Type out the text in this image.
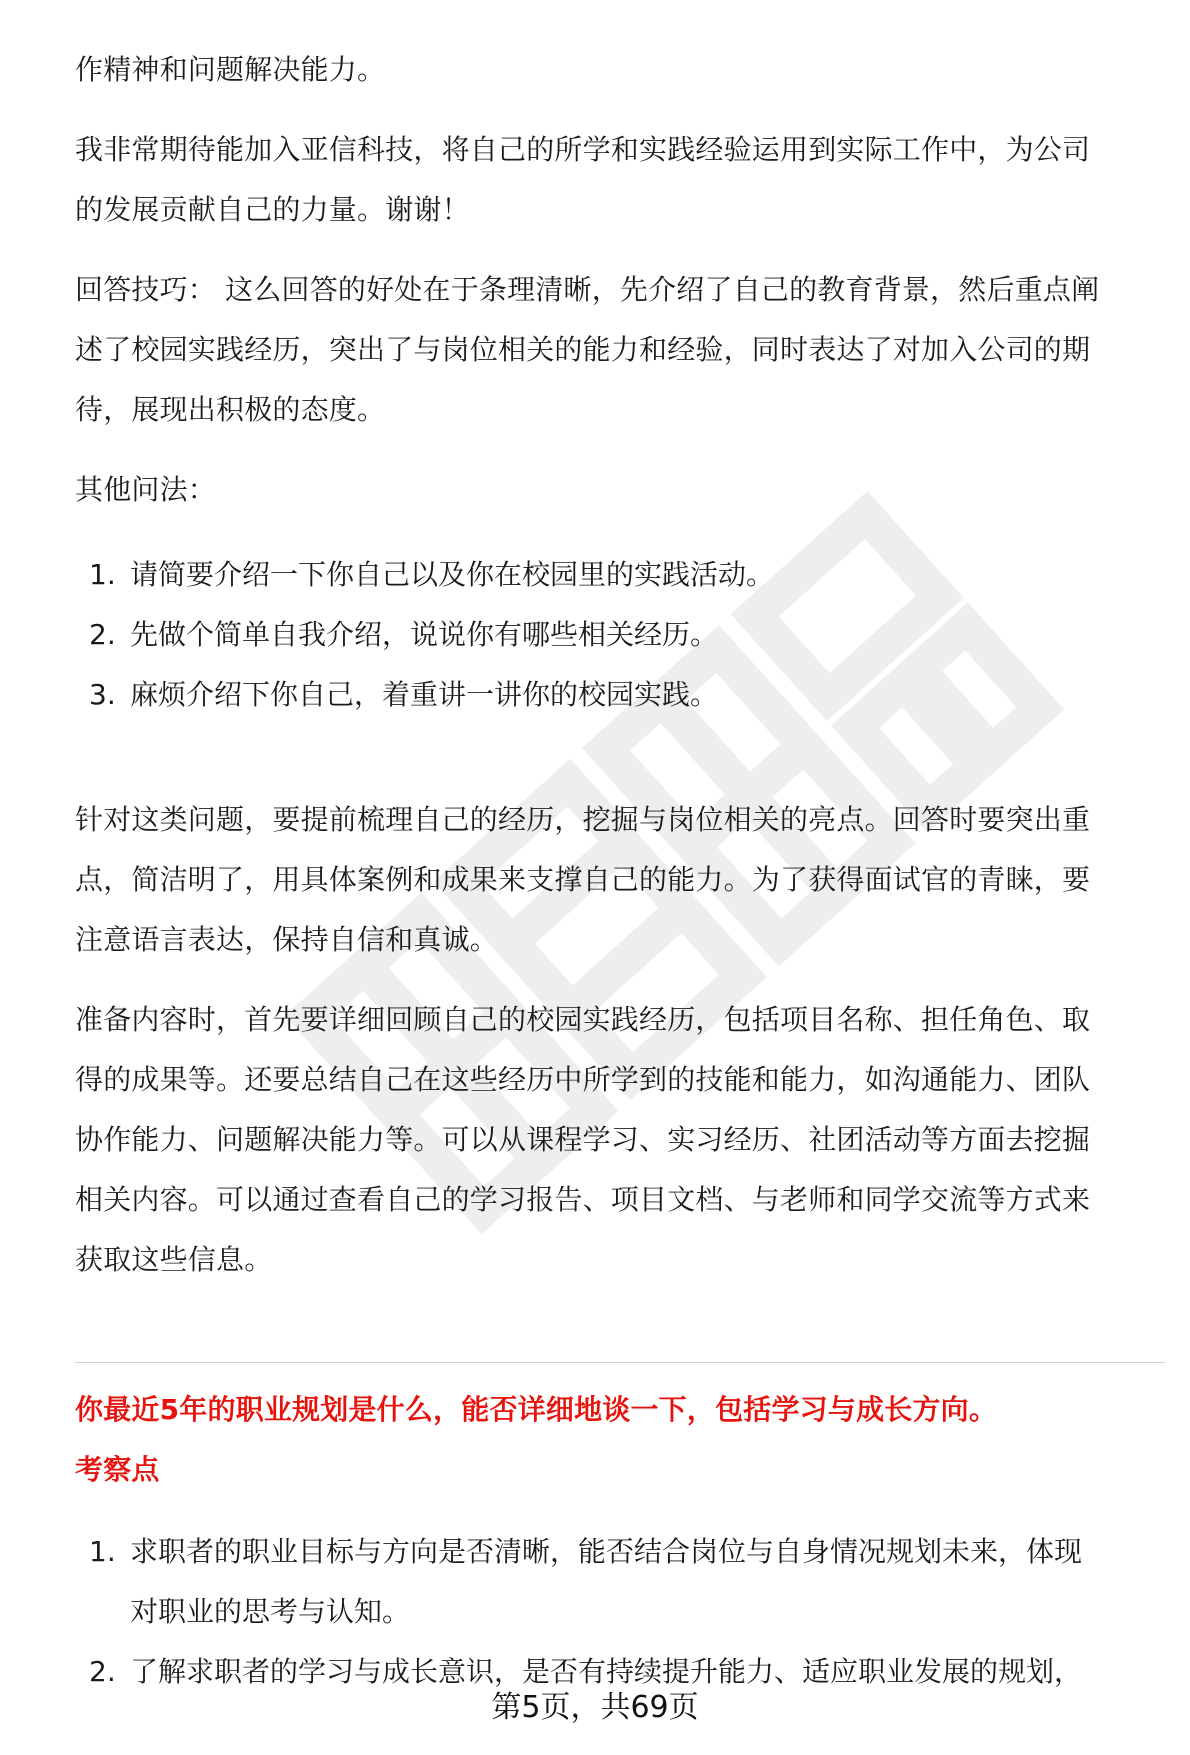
作精神和问题解决能力。

我非常期待能加入亚信科技，将自己的所学和实践经验运用到实际工作中，为公司

的发展贡献自己的力量。谢谢！

回答技巧： 这么回答的好处在于条理清晰，先介绍了自己的教育背景，然后重点阐

述了校园实践经历，突出了与岗位相关的能力和经验，同时表达了对加入公司的期

待，展现出积极的态度。

其他问法：

1. 请简要介绍一下你自己以及你在校园里的实践活动。
2. 先做个简单自我介绍，说说你有哪些相关经历。
3. 麻烦介绍下你自己，着重讲一讲你的校园实践。

针对这类问题，要提前梳理自己的经历，挖掘与岗位相关的亮点。回答时要突出重

点，简洁明了，用具体案例和成果来支撑自己的能力。为了获得面试官的青睐，要

注意语言表达，保持自信和真诚。

准备内容时，首先要详细回顾自己的校园实践经历，包括项目名称、担任角色、取

得的成果等。还要总结自己在这些经历中所学到的技能和能力，如沟通能力、团队

协作能力、问题解决能力等。可以从课程学习、实习经历、社团活动等方面去挖掘

相关内容。可以通过查看自己的学习报告、项目文档、与老师和同学交流等方式来

获取这些信息。

你最近5年的职业规划是什么，能否详细地谈一下，包括学习与成长方向。

考察点

1. 求职者的职业目标与方向是否清晰，能否结合岗位与自身情况规划未来，体现
对职业的思考与认知。
2. 了解求职者的学习与成长意识，是否有持续提升能力、适应职业发展的规划，
第5页，共69页
